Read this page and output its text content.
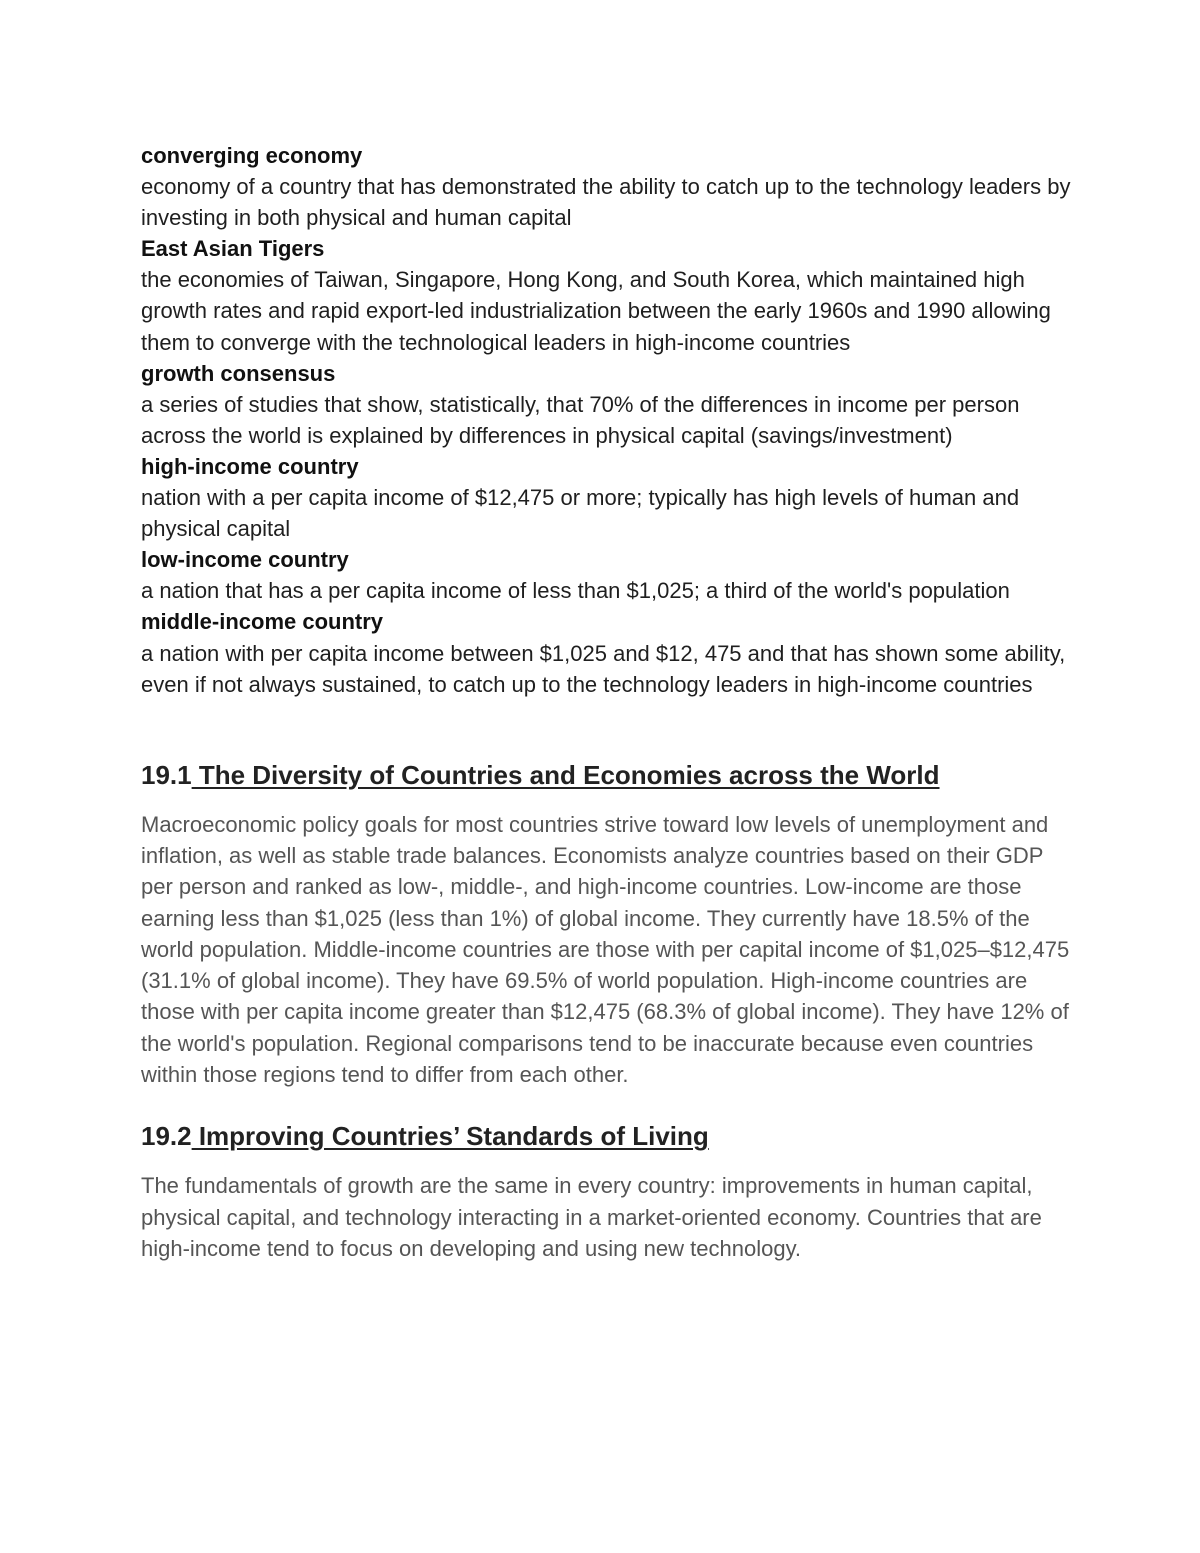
converging economy
economy of a country that has demonstrated the ability to catch up to the technology leaders by investing in both physical and human capital
East Asian Tigers
the economies of Taiwan, Singapore, Hong Kong, and South Korea, which maintained high growth rates and rapid export-led industrialization between the early 1960s and 1990 allowing them to converge with the technological leaders in high-income countries
growth consensus
a series of studies that show, statistically, that 70% of the differences in income per person across the world is explained by differences in physical capital (savings/investment)
high-income country
nation with a per capita income of $12,475 or more; typically has high levels of human and physical capital
low-income country
a nation that has a per capita income of less than $1,025; a third of the world's population
middle-income country
a nation with per capita income between $1,025 and $12, 475 and that has shown some ability, even if not always sustained, to catch up to the technology leaders in high-income countries
19.1 The Diversity of Countries and Economies across the World

Macroeconomic policy goals for most countries strive toward low levels of unemployment and inflation, as well as stable trade balances. Economists analyze countries based on their GDP per person and ranked as low-, middle-, and high-income countries. Low-income are those earning less than $1,025 (less than 1%) of global income. They currently have 18.5% of the world population. Middle-income countries are those with per capital income of $1,025–$12,475 (31.1% of global income). They have 69.5% of world population. High-income countries are those with per capita income greater than $12,475 (68.3% of global income). They have 12% of the world's population. Regional comparisons tend to be inaccurate because even countries within those regions tend to differ from each other.

19.2 Improving Countries’ Standards of Living

The fundamentals of growth are the same in every country: improvements in human capital, physical capital, and technology interacting in a market-oriented economy. Countries that are high-income tend to focus on developing and using new technology.
